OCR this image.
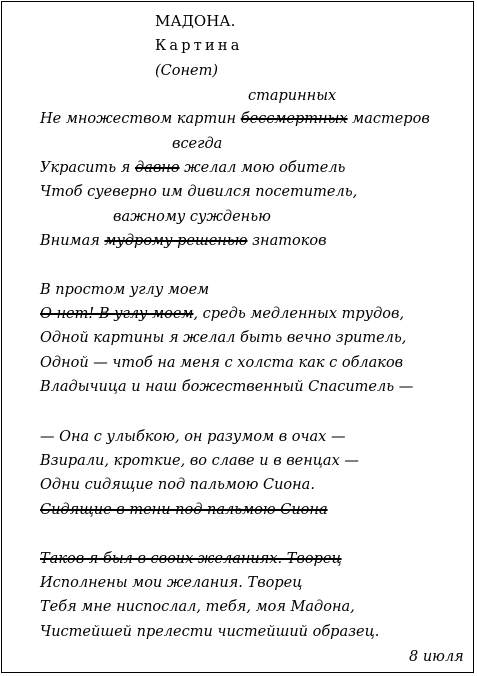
МАДОНА.
Картина
(Сонет)
старинных
Не множеством картин бессмертных мастеров
всегда
Украсить я давно желал мою обитель
Чтоб суеверно им дивился посетитель,
важному сужденью
Внимая мудрому решенью знатоков
В простом углу моем
О нет! В углу моем, средь медленных трудов,
Одной картины я желал быть вечно зритель,
Одной — чтоб на меня с холста как с облаков
Владычица и наш божественный Спаситель —
— Она с улыбкою, он разумом в очах —
Взирали, кроткие, во славе и в венцах —
Одни сидящие под пальмою Сиона.
Сидящие в тени под пальмою Сиона
Таков я был в своих желаниях. Творец
Исполнены мои желания. Творец
Тебя мне ниспослал, тебя, моя Мадона,
Чистейшей прелести чистейший образец.
8 июля
